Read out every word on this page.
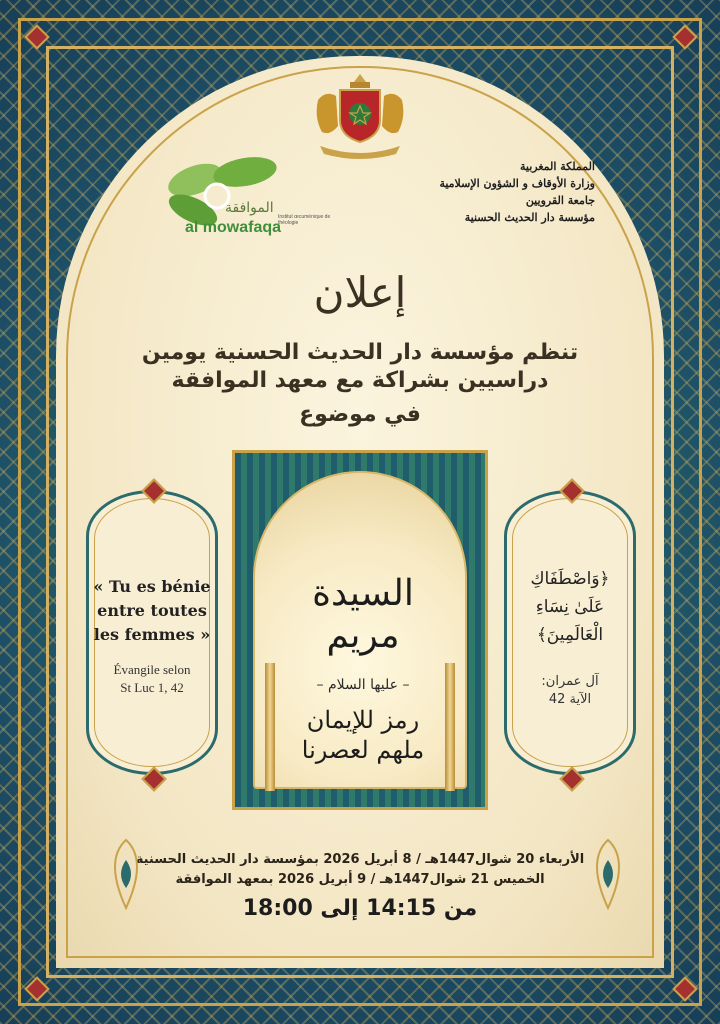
الموافقة
al mowafaqa
Institut œcuménique de théologie
المملكة المغربية
وزارة الأوقاف و الشؤون الإسلامية
جامعة القرويين
مؤسسة دار الحديث الحسنية
إعلان
تنظم مؤسسة دار الحديث الحسنية يومين
دراسيين بشراكة مع معهد الموافقة
في موضوع
السيدة
مريم
– عليها السلام –
رمز للإيمان
ملهم لعصرنا
« Tu es bénie
entre toutes
les femmes »
Évangile selon
St Luc 1, 42
﴿وَاصْطَفَاكِ
عَلَىٰ نِسَاءِ
الْعَالَمِينَ﴾
آل عمران:
الآية 42
الأربعاء 20 شوال1447هـ / 8 أبريل 2026 بمؤسسة دار الحديث الحسنية
الخميس 21 شوال1447هـ / 9 أبريل 2026 بمعهد الموافقة
من 14:15 إلى 18:00
